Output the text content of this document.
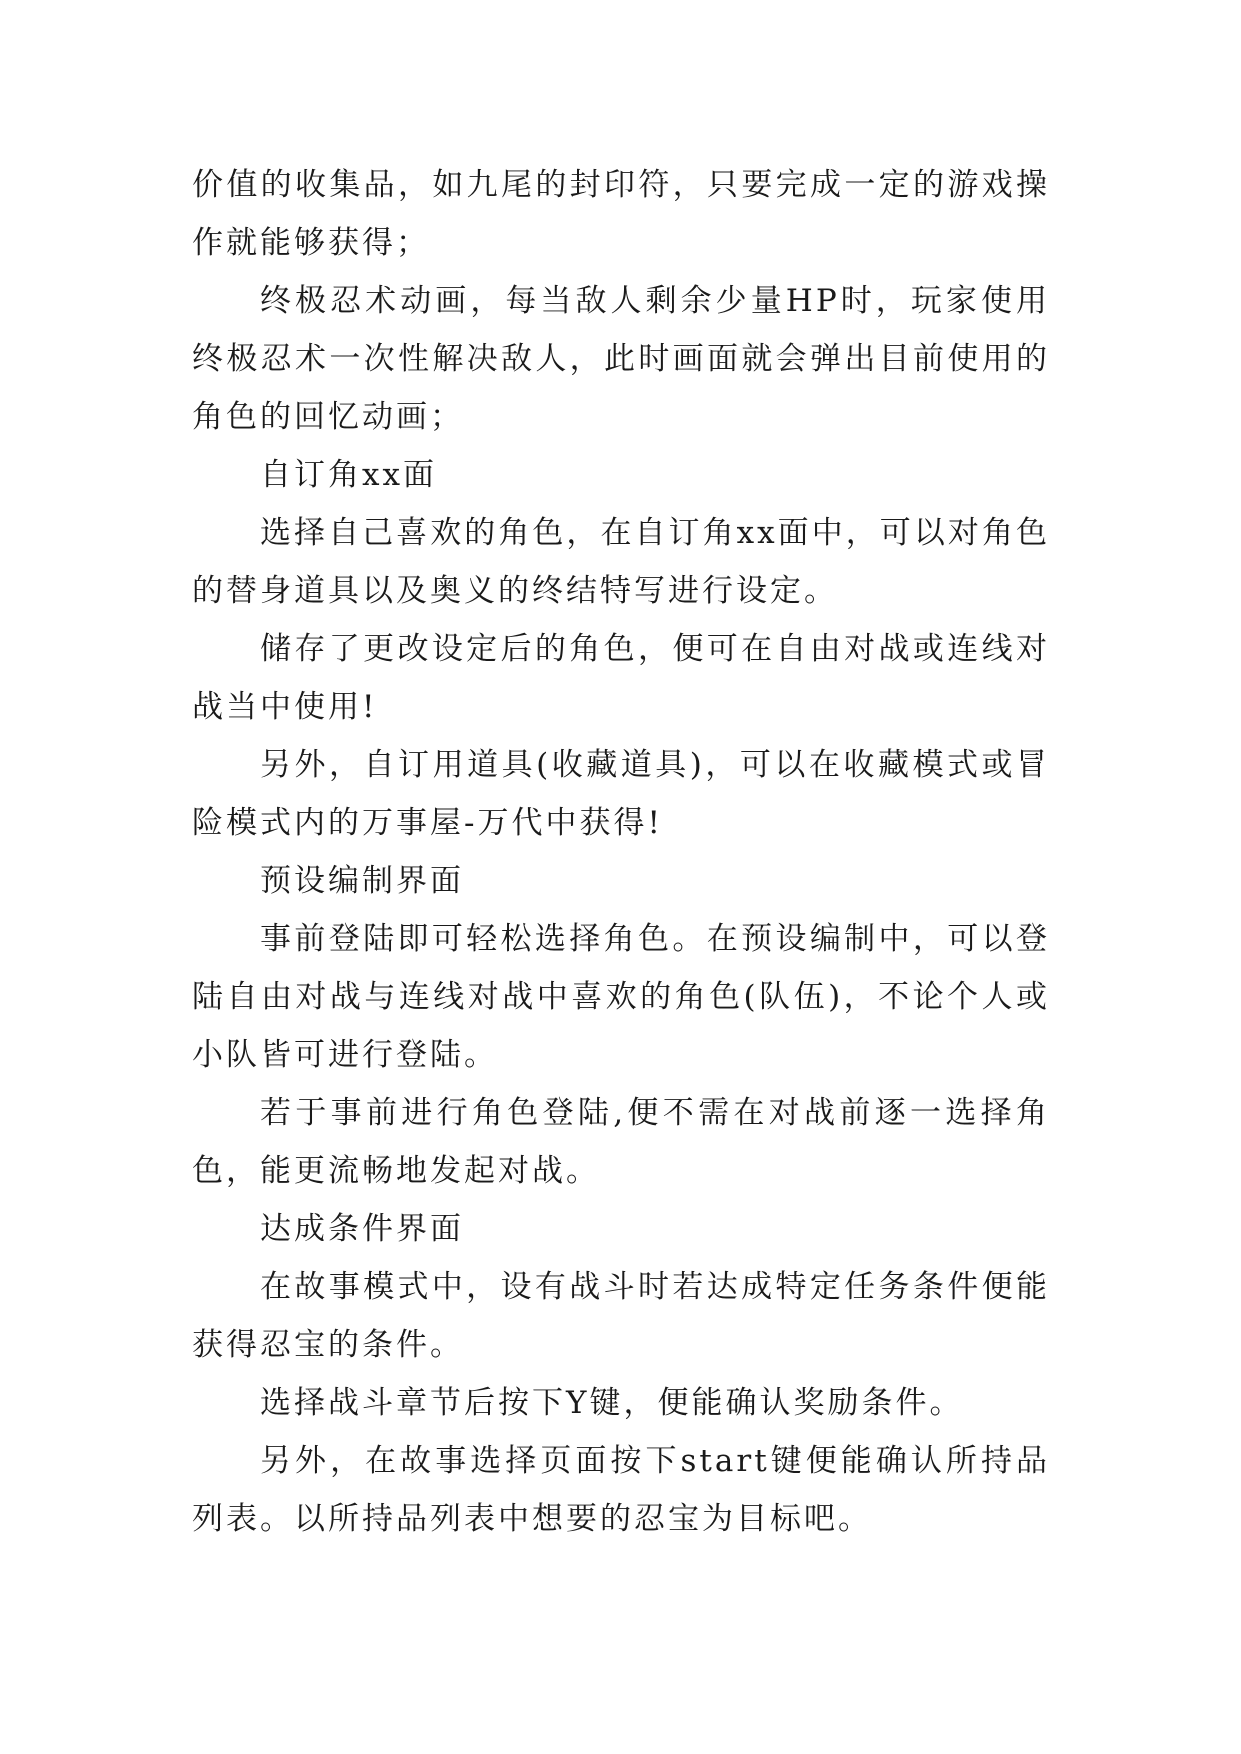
价值的收集品，如九尾的封印符，只要完成一定的游戏操作就能够获得；

终极忍术动画，每当敌人剩余少量HP时，玩家使用终极忍术一次性解决敌人，此时画面就会弹出目前使用的角色的回忆动画；

自订角xx面

选择自己喜欢的角色，在自订角xx面中，可以对角色的替身道具以及奥义的终结特写进行设定。

储存了更改设定后的角色，便可在自由对战或连线对战当中使用!

另外，自订用道具(收藏道具)，可以在收藏模式或冒险模式内的万事屋-万代中获得!

预设编制界面

事前登陆即可轻松选择角色。在预设编制中，可以登陆自由对战与连线对战中喜欢的角色(队伍)，不论个人或小队皆可进行登陆。

若于事前进行角色登陆,便不需在对战前逐一选择角色，能更流畅地发起对战。

达成条件界面

在故事模式中，设有战斗时若达成特定任务条件便能获得忍宝的条件。

选择战斗章节后按下Y键，便能确认奖励条件。

另外，在故事选择页面按下start键便能确认所持品列表。以所持品列表中想要的忍宝为目标吧。
